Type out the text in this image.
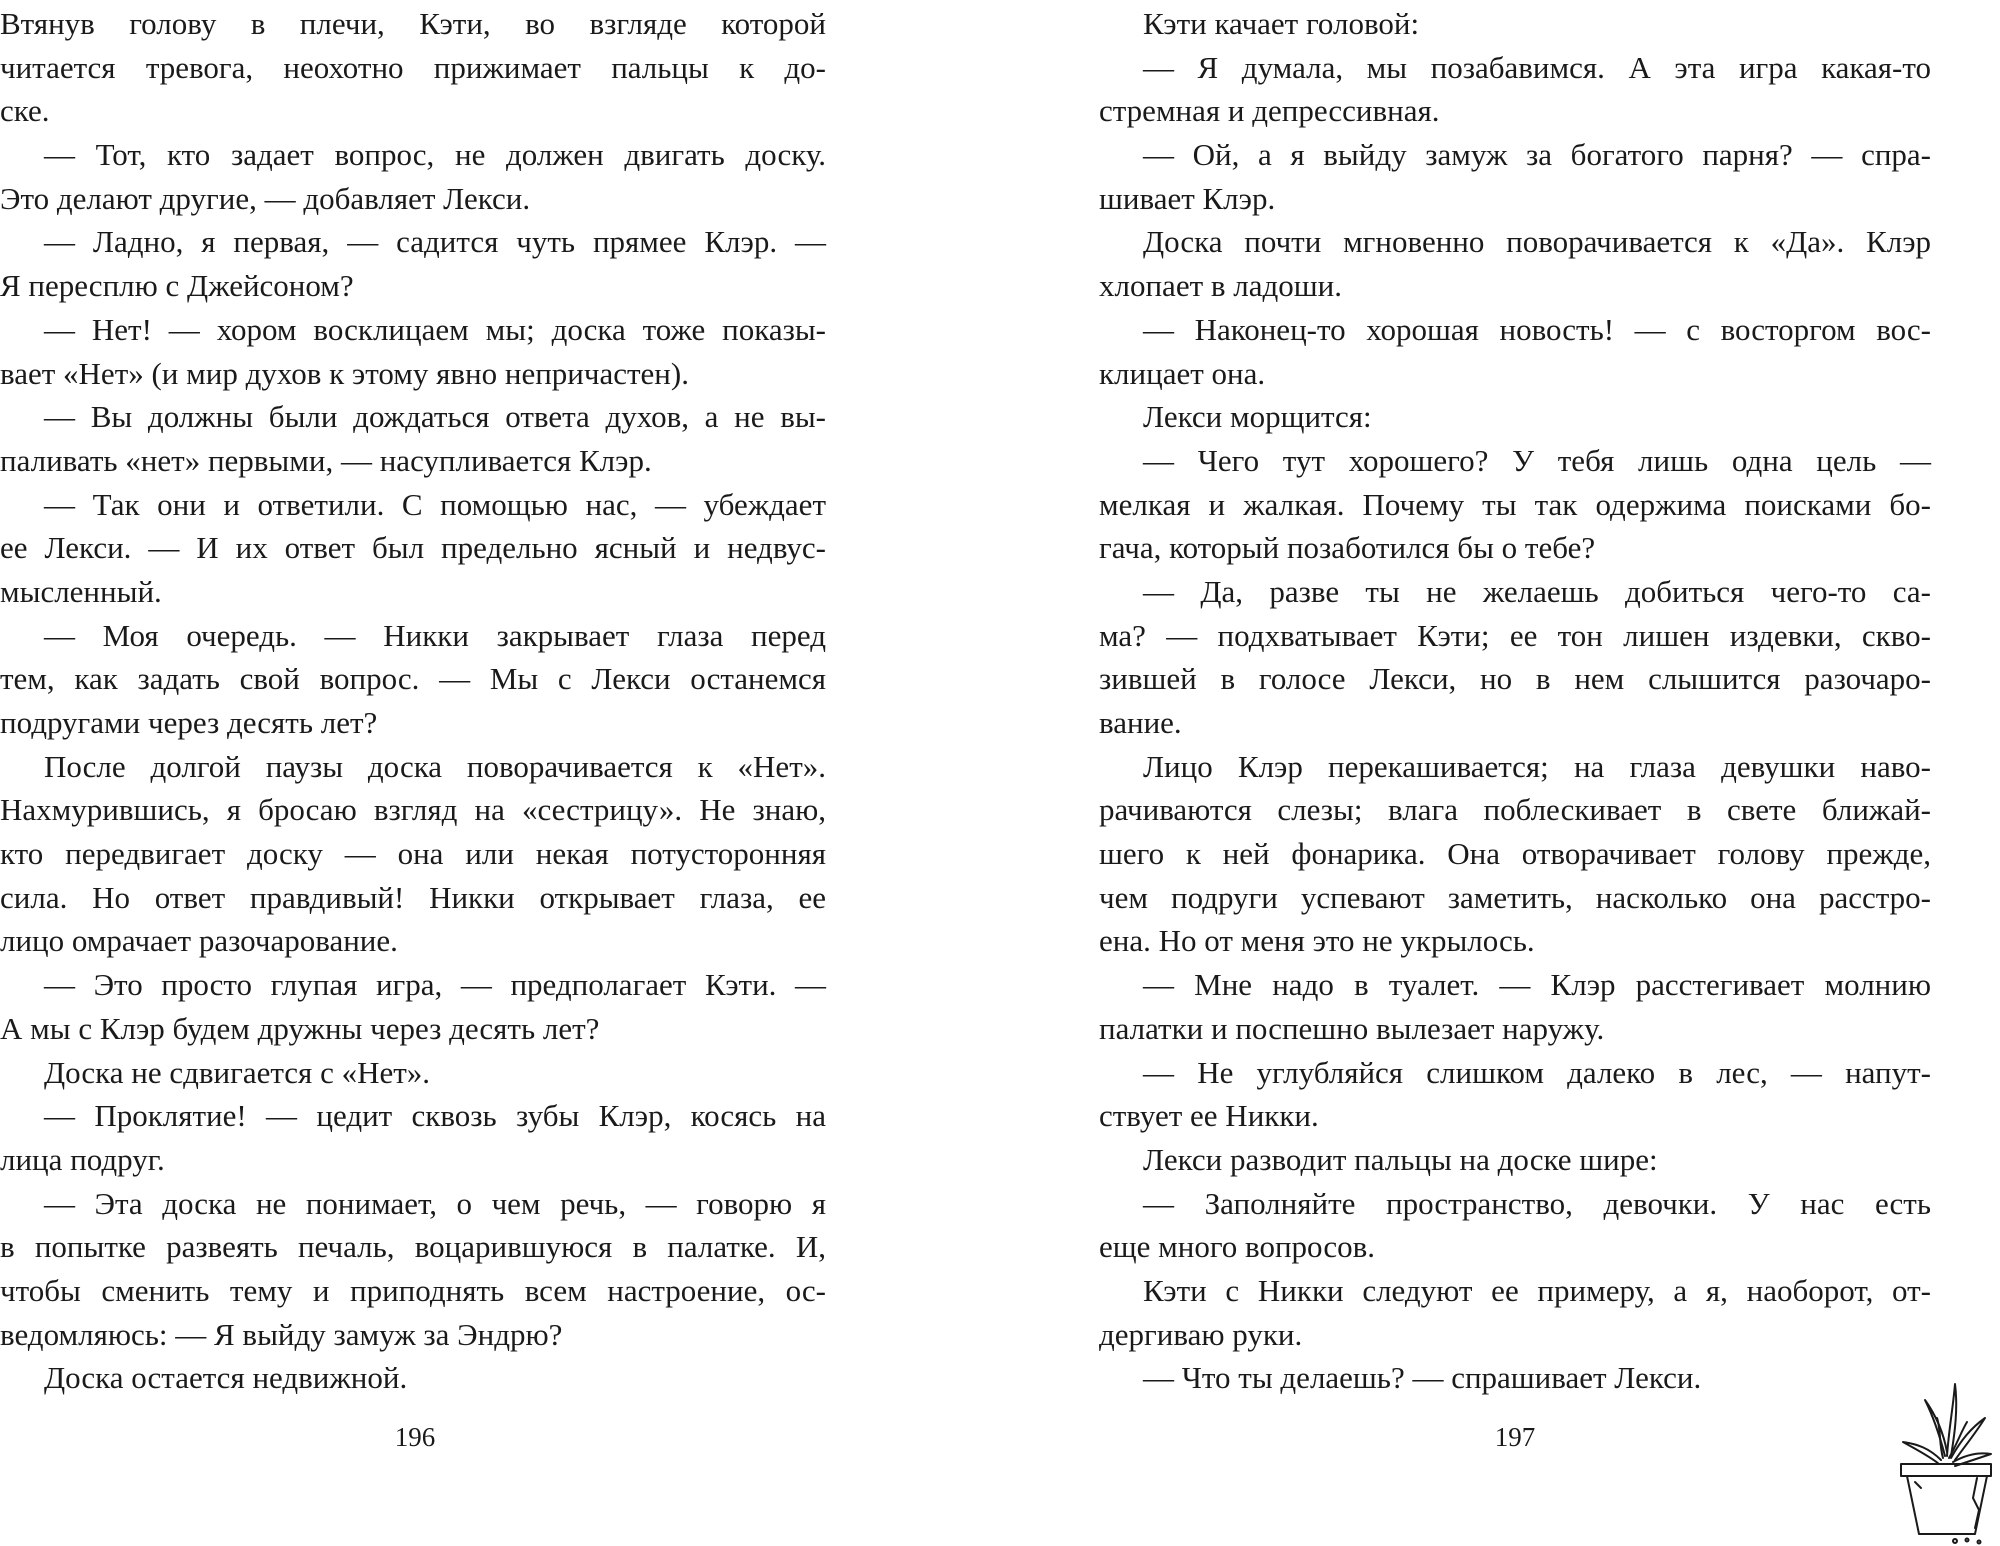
Втянув голову в плечи, Кэти, во взгляде которой
читается тревога, неохотно прижимает пальцы к до-
ске.
— Тот, кто задает вопрос, не должен двигать доску.
Это делают другие, — добавляет Лекси.
— Ладно, я первая, — садится чуть прямее Клэр. —
Я пересплю с Джейсоном?
— Нет! — хором восклицаем мы; доска тоже показы-
вает «Нет» (и мир духов к этому явно непричастен).
— Вы должны были дождаться ответа духов, а не вы-
паливать «нет» первыми, — насупливается Клэр.
— Так они и ответили. С помощью нас, — убеждает
ее Лекси. — И их ответ был предельно ясный и недвус-
мысленный.
— Моя очередь. — Никки закрывает глаза перед
тем, как задать свой вопрос. — Мы с Лекси останемся
подругами через десять лет?
После долгой паузы доска поворачивается к «Нет».
Нахмурившись, я бросаю взгляд на «сестрицу». Не знаю,
кто передвигает доску — она или некая потусторонняя
сила. Но ответ правдивый! Никки открывает глаза, ее
лицо омрачает разочарование.
— Это просто глупая игра, — предполагает Кэти. —
А мы с Клэр будем дружны через десять лет?
Доска не сдвигается с «Нет».
— Проклятие! — цедит сквозь зубы Клэр, косясь на
лица подруг.
— Эта доска не понимает, о чем речь, — говорю я
в попытке развеять печаль, воцарившуюся в палатке. И,
чтобы сменить тему и приподнять всем настроение, ос-
ведомляюсь: — Я выйду замуж за Эндрю?
Доска остается недвижной.
196
Кэти качает головой:
— Я думала, мы позабавимся. А эта игра какая-то
стремная и депрессивная.
— Ой, а я выйду замуж за богатого парня? — спра-
шивает Клэр.
Доска почти мгновенно поворачивается к «Да». Клэр
хлопает в ладоши.
— Наконец-то хорошая новость! — с восторгом вос-
клицает она.
Лекси морщится:
— Чего тут хорошего? У тебя лишь одна цель —
мелкая и жалкая. Почему ты так одержима поисками бо-
гача, который позаботился бы о тебе?
— Да, разве ты не желаешь добиться чего-то са-
ма? — подхватывает Кэти; ее тон лишен издевки, скво-
зившей в голосе Лекси, но в нем слышится разочаро-
вание.
Лицо Клэр перекашивается; на глаза девушки наво-
рачиваются слезы; влага поблескивает в свете ближай-
шего к ней фонарика. Она отворачивает голову прежде,
чем подруги успевают заметить, насколько она расстро-
ена. Но от меня это не укрылось.
— Мне надо в туалет. — Клэр расстегивает молнию
палатки и поспешно вылезает наружу.
— Не углубляйся слишком далеко в лес, — напут-
ствует ее Никки.
Лекси разводит пальцы на доске шире:
— Заполняйте пространство, девочки. У нас есть
еще много вопросов.
Кэти с Никки следуют ее примеру, а я, наоборот, от-
дергиваю руки.
— Что ты делаешь? — спрашивает Лекси.
197
